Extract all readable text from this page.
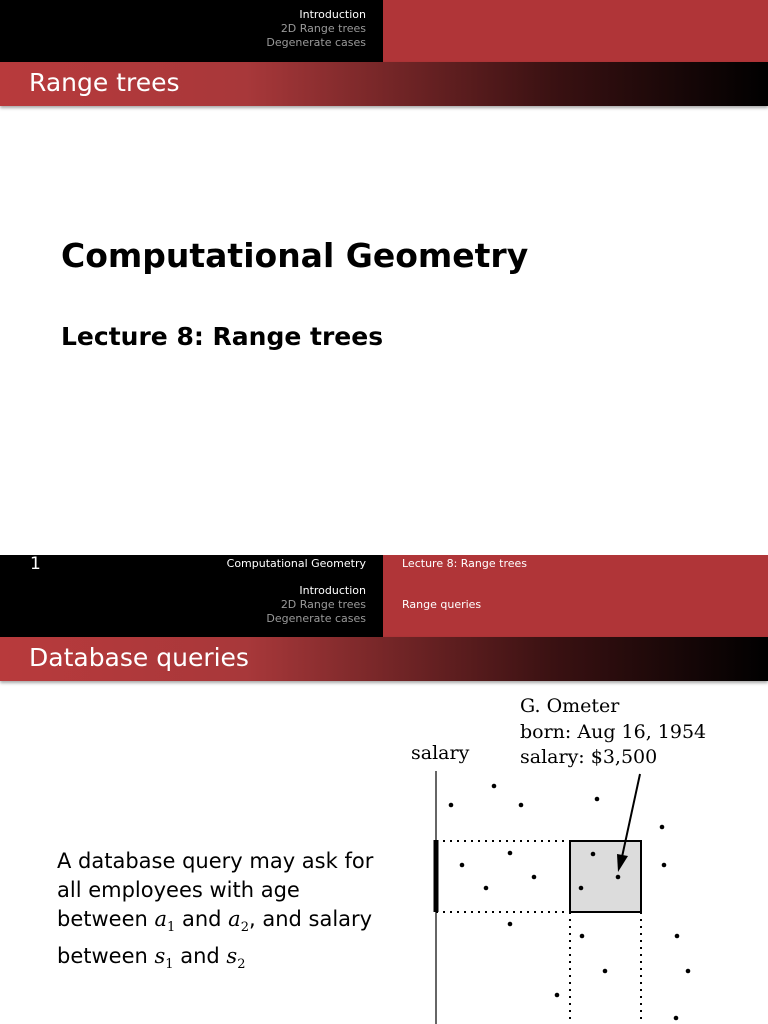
Introduction
2D Range trees
Degenerate cases
Range trees
Computational Geometry
Lecture 8: Range trees
1	Computational Geometry
Introduction
2D Range trees
Degenerate cases
Lecture 8: Range trees
Range queries
Database queries
A database query may ask for
all employees with age
between $a_1$ and $a_2$, and salary
between $s_1$ and $s_2$
G. Ometer
born: Aug 16, 1954
salary: $3,500
salary
